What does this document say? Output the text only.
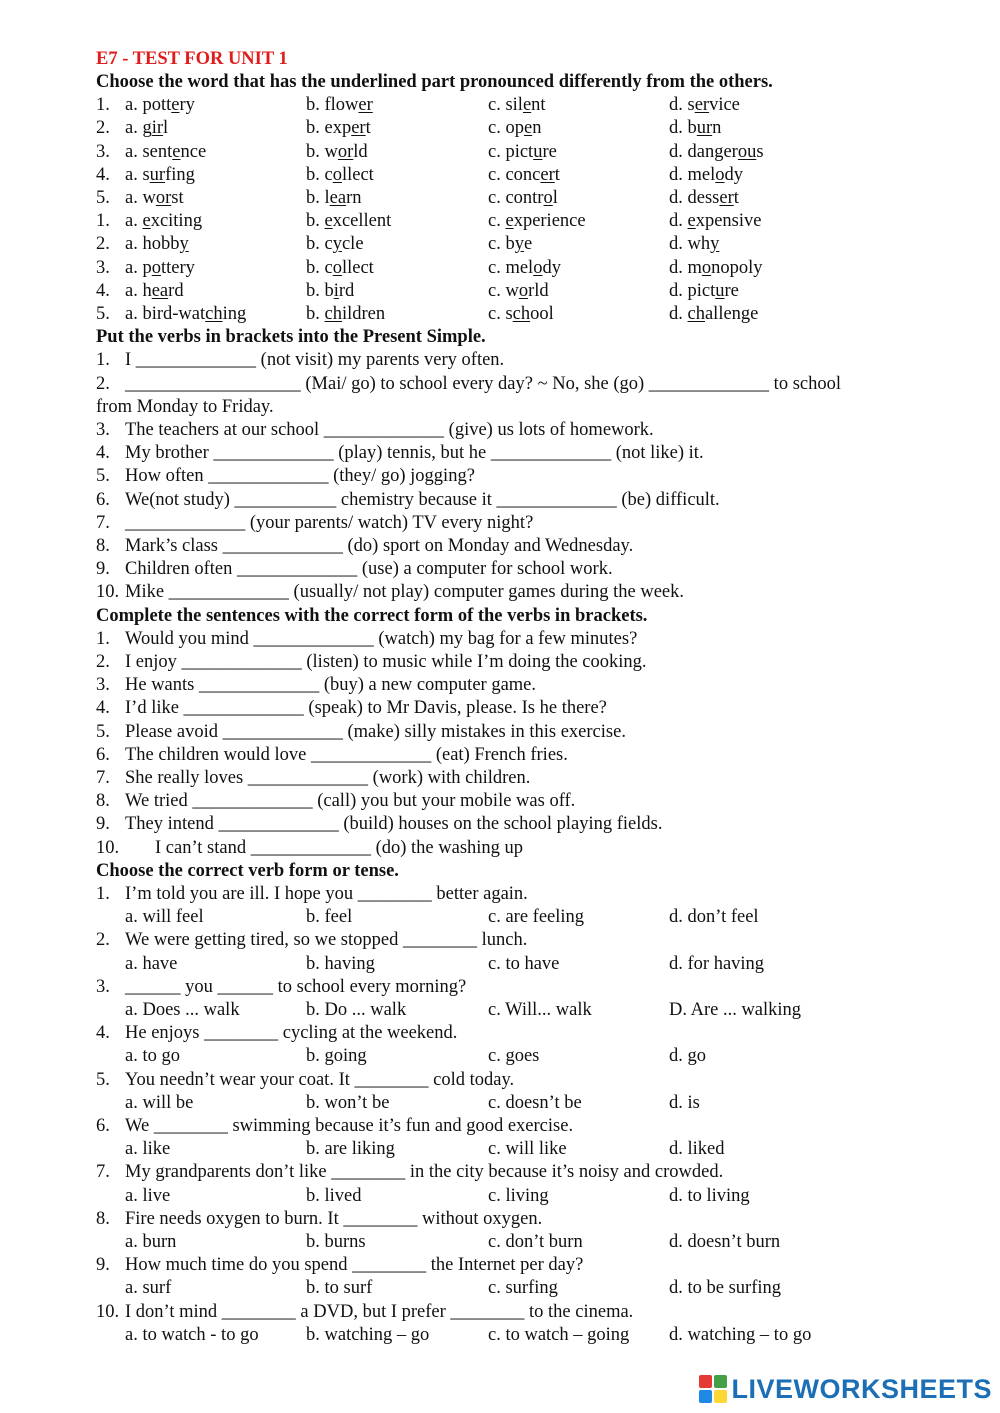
E7 - TEST FOR UNIT 1
Choose the word that has the underlined part pronounced differently from the others.
1. a. pottery	b. flower	c. silent	d. service
2. a. girl	b. expert	c. open	d. burn
3. a. sentence	b. world	c. picture	d. dangerous
4. a. surfing	b. collect	c. concert	d. melody
5. a. worst	b. learn	c. control	d. dessert
1. a. exciting	b. excellent	c. experience	d. expensive
2. a. hobby	b. cycle	c. bye	d. why
3. a. pottery	b. collect	c. melody	d. monopoly
4. a. heard	b. bird	c. world	d. picture
5. a. bird-watching	b. children	c. school	d. challenge
Put the verbs in brackets into the Present Simple.
1. I _____________ (not visit) my parents very often.
2. ___________________ (Mai/ go) to school every day? ~ No, she (go) _____________ to school
from Monday to Friday.
3. The teachers at our school _____________ (give) us lots of homework.
4. My brother _____________ (play) tennis, but he _____________ (not like) it.
5. How often _____________ (they/ go) jogging?
6. We(not study) ___________ chemistry because it _____________ (be) difficult.
7. _____________ (your parents/ watch) TV every night?
8. Mark’s class _____________ (do) sport on Monday and Wednesday.
9. Children often _____________ (use) a computer for school work.
10. Mike _____________ (usually/ not play) computer games during the week.
Complete the sentences with the correct form of the verbs in brackets.
1. Would you mind _____________ (watch) my bag for a few minutes?
2. I enjoy _____________ (listen) to music while I’m doing the cooking.
3. He wants _____________ (buy) a new computer game.
4. I’d like _____________ (speak) to Mr Davis, please. Is he there?
5. Please avoid _____________ (make) silly mistakes in this exercise.
6. The children would love _____________ (eat) French fries.
7. She really loves _____________ (work) with children.
8. We tried _____________ (call) you but your mobile was off.
9. They intend _____________ (build) houses on the school playing fields.
10. I can’t stand _____________ (do) the washing up
Choose the correct verb form or tense.
1. I’m told you are ill. I hope you ________ better again.
a. will feel	b. feel	c. are feeling	d. don’t feel
2. We were getting tired, so we stopped ________ lunch.
a. have	b. having	c. to have	d. for having
3. ______ you ______ to school every morning?
a. Does ... walk	b. Do ... walk	c. Will... walk	D. Are ... walking
4. He enjoys ________ cycling at the weekend.
a. to go	b. going	c. goes	d. go
5. You needn’t wear your coat. It ________ cold today.
a. will be	b. won’t be	c. doesn’t be	d. is
6. We ________ swimming because it’s fun and good exercise.
a. like	b. are liking	c. will like	d. liked
7. My grandparents don’t like ________ in the city because it’s noisy and crowded.
a. live	b. lived	c. living	d. to living
8. Fire needs oxygen to burn. It ________ without oxygen.
a. burn	b. burns	c. don’t burn	d. doesn’t burn
9. How much time do you spend ________ the Internet per day?
a. surf	b. to surf	c. surfing	d. to be surfing
10. I don’t mind ________ a DVD, but I prefer ________ to the cinema.
a. to watch - to go	b. watching – go	c. to watch – going d. watching – to go
LIVEWORKSHEETS
